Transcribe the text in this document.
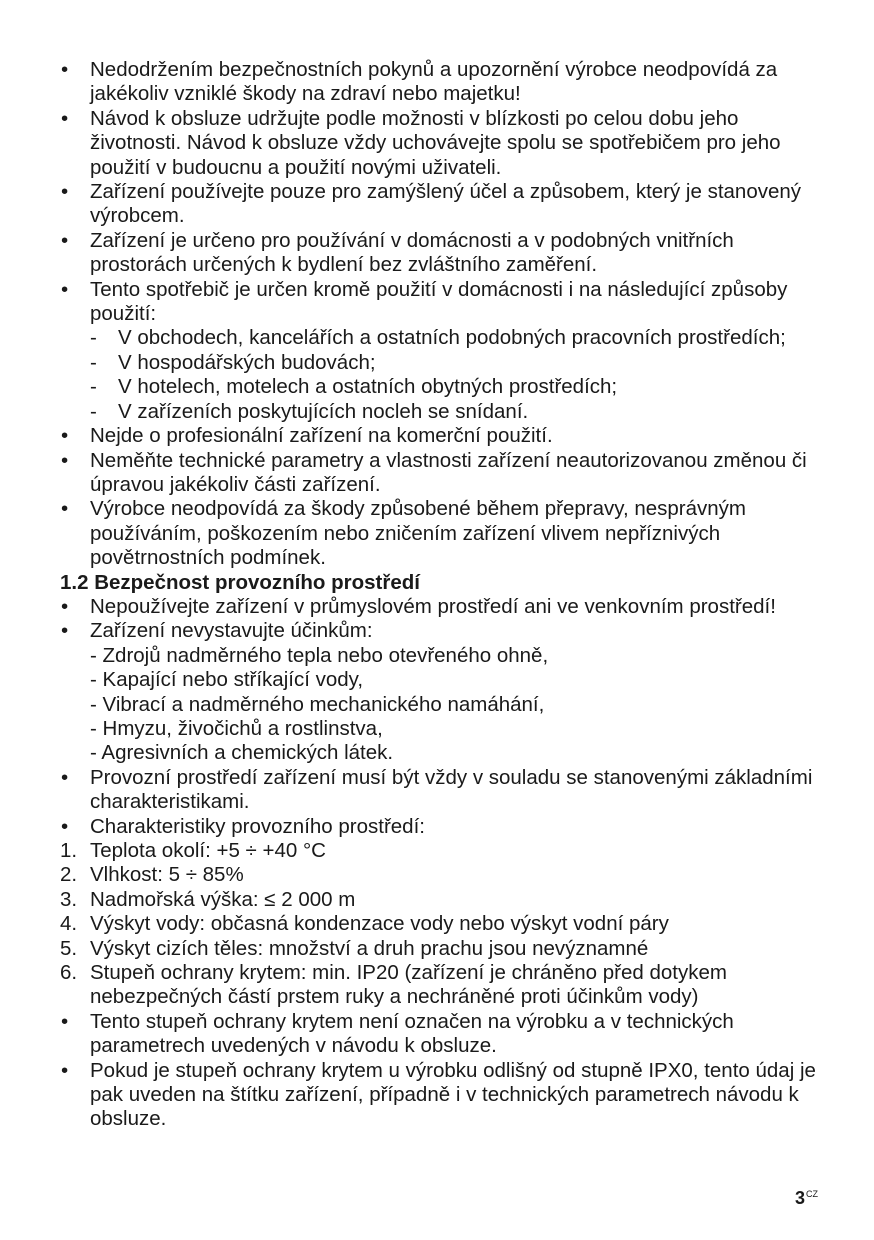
• Nedodržením bezpečnostních pokynů a upozornění výrobce neodpovídá za jakékoliv vzniklé škody na zdraví nebo majetku!
• Návod k obsluze udržujte podle možnosti v blízkosti po celou dobu jeho životnosti. Návod k obsluze vždy uchovávejte spolu se spotřebičem pro jeho použití v budoucnu a použití novými uživateli.
• Zařízení používejte pouze pro zamýšlený účel a způsobem, který je stanovený výrobcem.
• Zařízení je určeno pro používání v domácnosti a v podobných vnitřních prostorách určených k bydlení bez zvláštního zaměření.
• Tento spotřebič je určen kromě použití v domácnosti i na následující způsoby použití:
- V obchodech, kancelářích a ostatních podobných pracovních prostředích;
- V hospodářských budovách;
- V hotelech, motelech a ostatních obytných prostředích;
- V zařízeních poskytujících nocleh se snídaní.
• Nejde o profesionální zařízení na komerční použití.
• Neměňte technické parametry a vlastnosti zařízení neautorizovanou změnou či úpravou jakékoliv části zařízení.
• Výrobce neodpovídá za škody způsobené během přepravy, nesprávným používáním, poškozením nebo zničením zařízení vlivem nepříznivých povětrnostních podmínek.
1.2 Bezpečnost provozního prostředí
• Nepoužívejte zařízení v průmyslovém prostředí ani ve venkovním prostředí!
• Zařízení nevystavujte účinkům:
- Zdrojů nadměrného tepla nebo otevřeného ohně,
- Kapající nebo stříkající vody,
- Vibrací a nadměrného mechanického namáhání,
- Hmyzu, živočichů a rostlinstva,
- Agresivních a chemických látek.
• Provozní prostředí zařízení musí být vždy v souladu se stanovenými základními charakteristikami.
• Charakteristiky provozního prostředí:
1. Teplota okolí: +5 ÷ +40 °C
2. Vlhkost: 5 ÷ 85%
3. Nadmořská výška: ≤ 2 000 m
4. Výskyt vody: občasná kondenzace vody nebo výskyt vodní páry
5. Výskyt cizích těles: množství a druh prachu jsou nevýznamné
6. Stupeň ochrany krytem: min. IP20 (zařízení je chráněno před dotykem nebezpečných částí prstem ruky a nechráněné proti účinkům vody)
• Tento stupeň ochrany krytem není označen na výrobku a v technických parametrech uvedených v návodu k obsluze.
• Pokud je stupeň ochrany krytem u výrobku odlišný od stupně IPX0, tento údaj je pak uveden na štítku zařízení, případně i v technických parametrech návodu k obsluze.
$3^{CZ}$
